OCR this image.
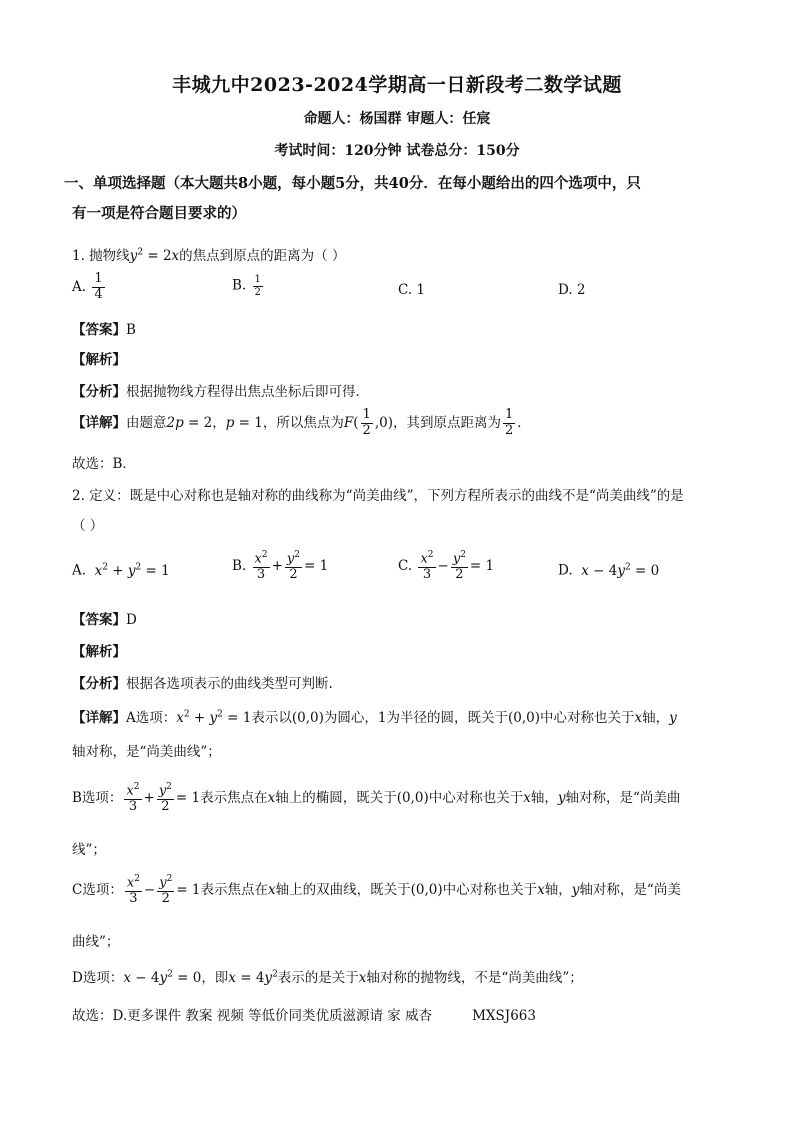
丰城九中2023-2024学期高一日新段考二数学试题
命题人：杨国群 审题人：任宸
考试时间：120分钟 试卷总分：150分
一、单项选择题（本大题共8小题，每小题5分，共40分．在每小题给出的四个选项中，只
有一项是符合题目要求的）
1. 抛物线$y^2 = 2x$的焦点到原点的距离为（ ）
A. $\frac{1}{4}$	B. $\frac{1}{2}$	C. 1	D. 2
【答案】B
【解析】
【分析】根据抛物线方程得出焦点坐标后即可得．
【详解】由题意2p = 2，p = 1，所以焦点为$F( \frac{1}{2} ,0)$，其到原点距离为 $\frac{1}{2}$ ．
故选：B．
2. 定义：既是中心对称也是轴对称的曲线称为“尚美曲线”，下列方程所表示的曲线不是“尚美曲线”的是
（ ）
A.  $x^2 + y^2 = 1$	B. $\frac{x^2}{3} + \frac{y^2}{2} = 1$	C. $\frac{x^2}{3} - \frac{y^2}{2} = 1$	D.  $x - 4y^2 = 0$
【答案】D
【解析】
【分析】根据各选项表示的曲线类型可判断.
【详解】A选项：$x^2 + y^2 = 1$表示以(0,0)为圆心，1为半径的圆，既关于(0,0)中心对称也关于x轴，y
轴对称，是“尚美曲线”；
B选项： $\frac{x^2}{3} + \frac{y^2}{2} = 1$表示焦点在x轴上的椭圆，既关于(0,0)中心对称也关于x轴，y轴对称，是“尚美曲
线”；
C选项： $\frac{x^2}{3} - \frac{y^2}{2} = 1$表示焦点在x轴上的双曲线，既关于(0,0)中心对称也关于x轴，y轴对称，是“尚美
曲线”；
D选项：$x - 4y^2 = 0$，即$x = 4y^2$表示的是关于x轴对称的抛物线，不是“尚美曲线”；
故选：D.更多课件 教案 视频 等低价同类优质滋源请 家 威杏	MXSJ663
